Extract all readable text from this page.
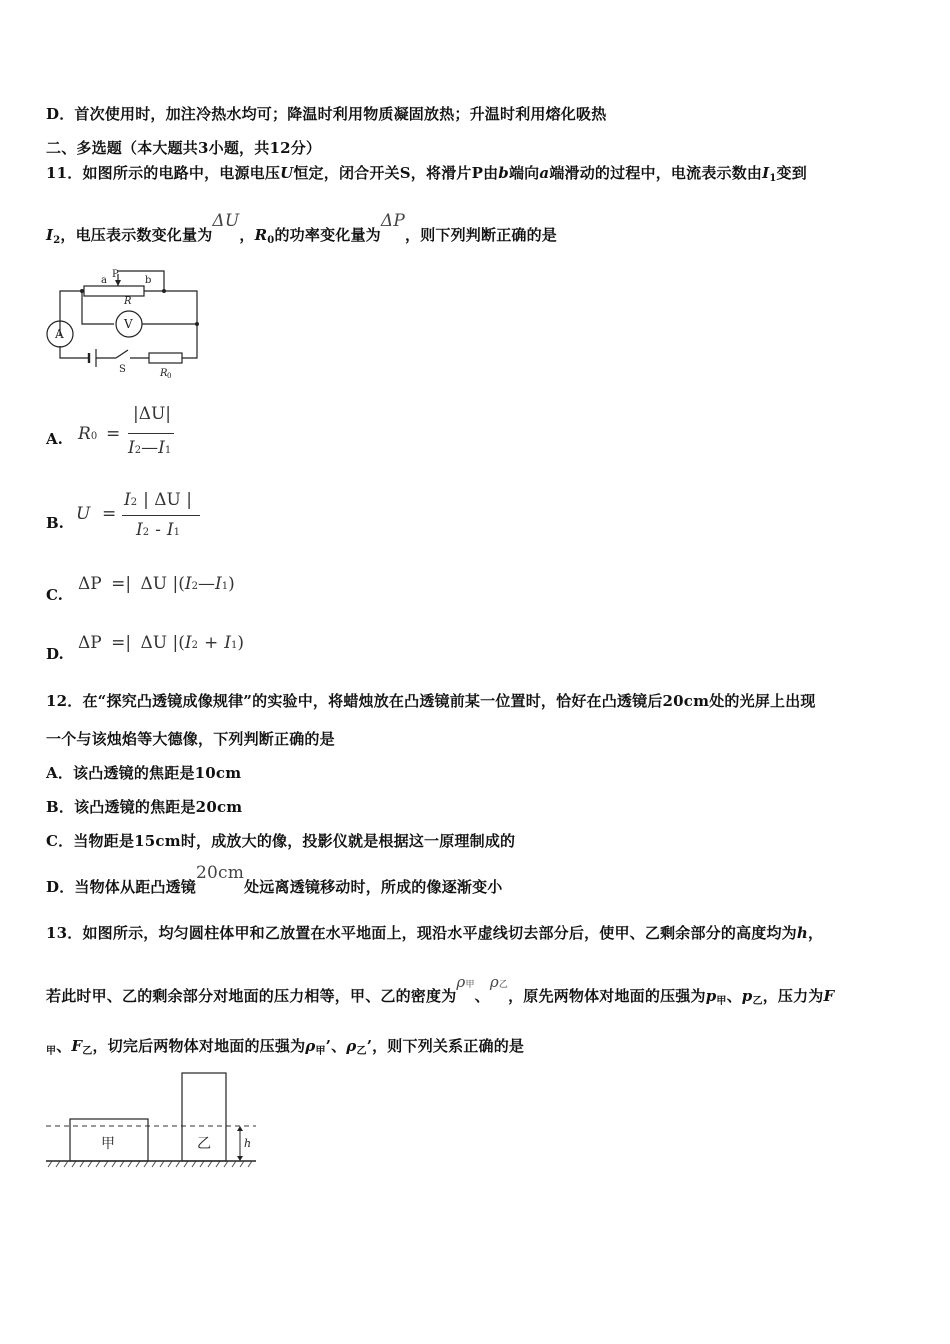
D．首次使用时，加注冷热水均可；降温时利用物质凝固放热；升温时利用熔化吸热
二、多选题（本大题共3小题，共12分）
11．如图所示的电路中，电源电压U恒定，闭合开关S，将滑片P由b端向a端滑动的过程中，电流表示数由$I_1$变到
$I_2$，电压表示数变化量为ΔU，$R_0$的功率变化量为ΔP，则下列判断正确的是
a
P
b
R
A
V
S	R 0
A. R0 =
|ΔU|
I2—I1
B. U =
I2 | ΔU |
I2 - I1
C.
ΔP =| ΔU |(I2—I1)
D.
ΔP =| ΔU |(I2 + I1)
12．在“探究凸透镜成像规律”的实验中，将蜡烛放在凸透镜前某一位置时，恰好在凸透镜后20cm处的光屏上出现
一个与该烛焰等大德像，下列判断正确的是
A．该凸透镜的焦距是10cm
B．该凸透镜的焦距是20cm
C．当物距是15cm时，成放大的像，投影仪就是根据这一原理制成的
D．当物体从距凸透镜20cm处远离透镜移动时，所成的像逐渐变小
13．如图所示，均匀圆柱体甲和乙放置在水平地面上，现沿水平虚线切去部分后，使甲、乙剩余部分的高度均为h，
若此时甲、乙的剩余部分对地面的压力相等，甲、乙的密度为$\rho^甲$、$\rho^乙$，原先两物体对地面的压强为$p_甲$、$p_乙$，压力为F
$_甲$、$F_乙$，切完后两物体对地面的压强为$\rho_甲$’、$\rho_乙$’，则下列关系正确的是
甲	乙	h
